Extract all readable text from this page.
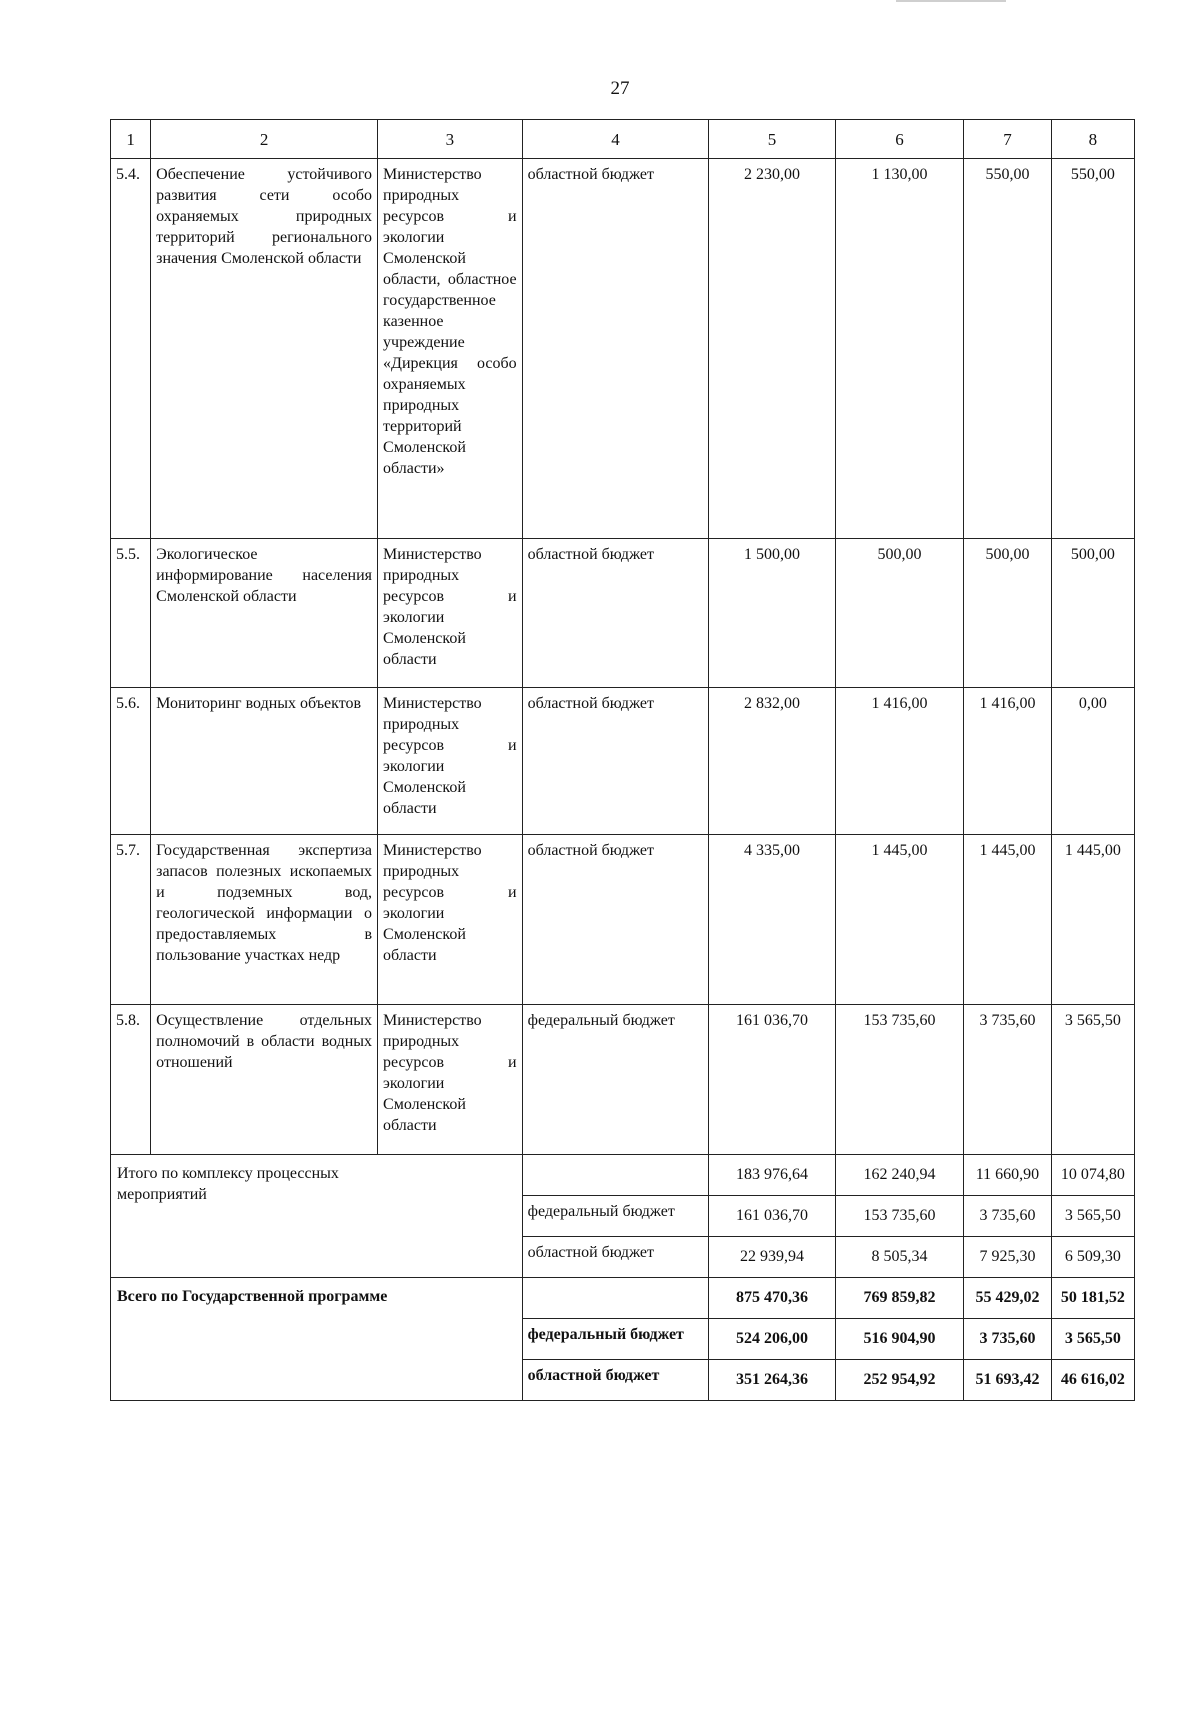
27
1	2	3	4	5	6	7	8
5.4.	Обеспечение устойчивого развития сети особо охраняемых природных территорий регионального значения Смоленской области	Министерство природных ресурсов и экологии Смоленской области, областное государственное казенное учреждение «Дирекция особо охраняемых природных территорий Смоленской области»	областной бюджет	2 230,00	1 130,00	550,00	550,00
5.5.	Экологическое информирование населения Смоленской области	Министерство природных ресурсов и экологии Смоленской области	областной бюджет	1 500,00	500,00	500,00	500,00
5.6.	Мониторинг водных объектов	Министерство природных ресурсов и экологии Смоленской области	областной бюджет	2 832,00	1 416,00	1 416,00	0,00
5.7.	Государственная экспертиза запасов полезных ископаемых и подземных вод, геологической информации о предоставляемых в пользование участках недр	Министерство природных ресурсов и экологии Смоленской области	областной бюджет	4 335,00	1 445,00	1 445,00	1 445,00
5.8.	Осуществление отдельных полномочий в области водных отношений	Министерство природных ресурсов и экологии Смоленской области	федеральный бюджет	161 036,70	153 735,60	3 735,60	3 565,50

Итого по комплексу процессных мероприятий				183 976,64	162 240,94	11 660,90	10 074,80
			федеральный бюджет	161 036,70	153 735,60	3 735,60	3 565,50
			областной бюджет	22 939,94	8 505,34	7 925,30	6 509,30
Всего по Государственной программе				875 470,36	769 859,82	55 429,02	50 181,52
			федеральный бюджет	524 206,00	516 904,90	3 735,60	3 565,50
			областной бюджет	351 264,36	252 954,92	51 693,42	46 616,02
